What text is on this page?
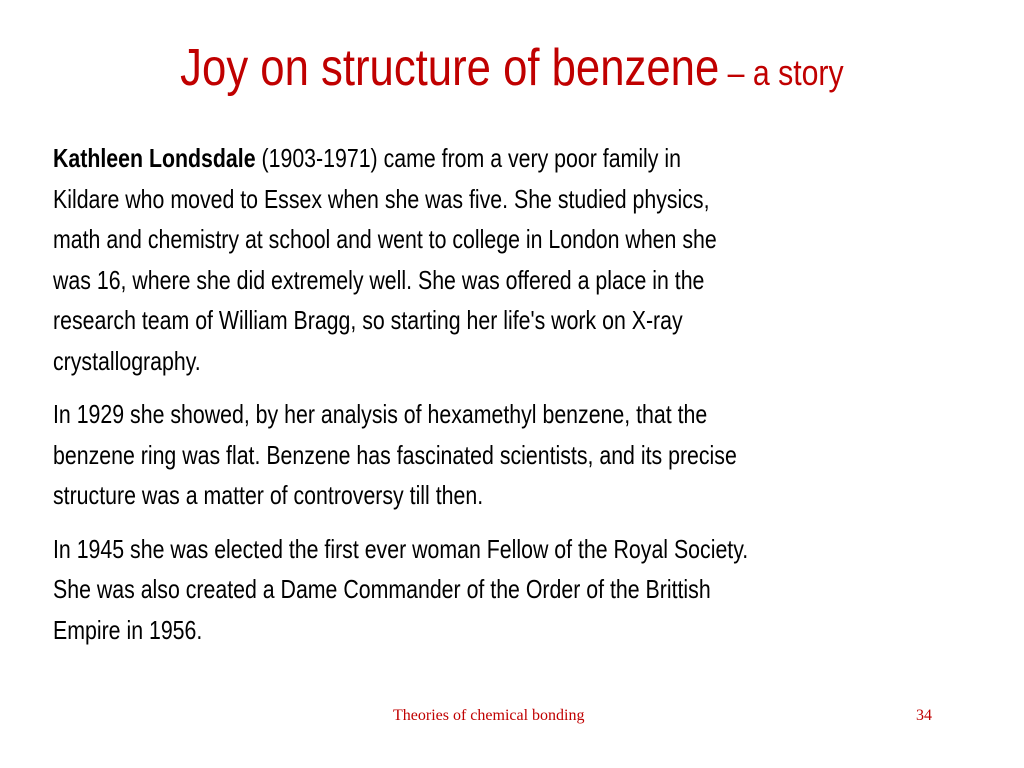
Joy on structure of benzene – a story
Kathleen Londsdale (1903-1971) came from a very poor family in
Kildare who moved to Essex when she was five. She studied physics,
math and chemistry at school and went to college in London when she
was 16, where she did extremely well. She was offered a place in the
research team of William Bragg, so starting her life's work on X-ray
crystallography.
In 1929 she showed, by her analysis of hexamethyl benzene, that the
benzene ring was flat. Benzene has fascinated scientists, and its precise
structure was a matter of controversy till then.
In 1945 she was elected the first ever woman Fellow of the Royal Society.
She was also created a Dame Commander of the Order of the Brittish
Empire in 1956.
Theories of chemical bonding	34
